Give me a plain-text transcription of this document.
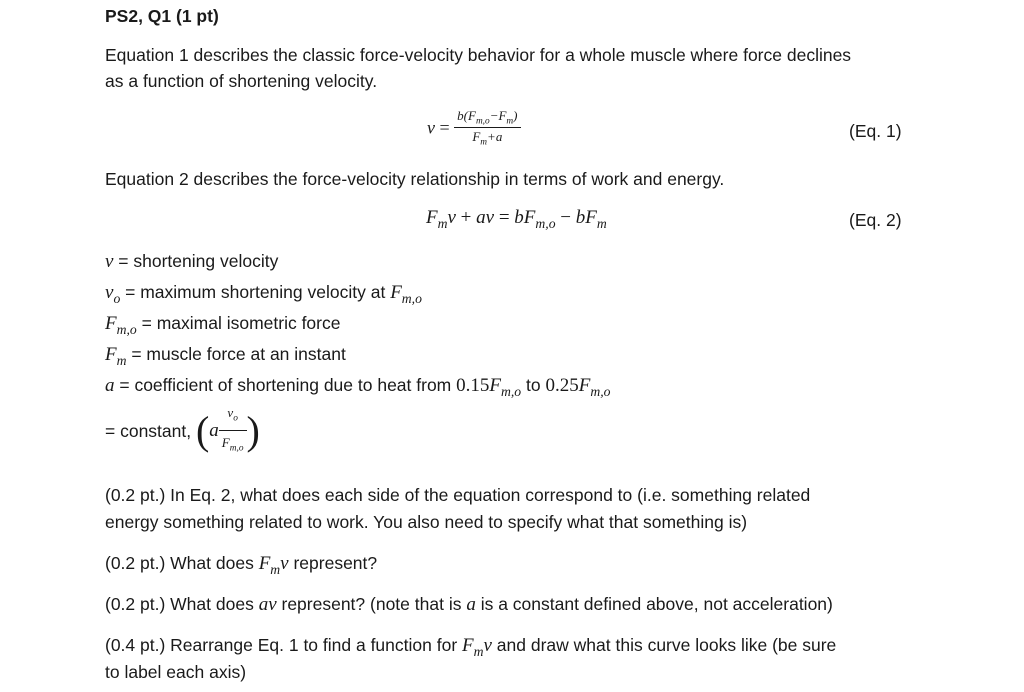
PS2, Q1 (1 pt)
Equation 1 describes the classic force-velocity behavior for a whole muscle where force declines
as a function of shortening velocity.
$v = \frac{b(F_{m,o}-F_m)}{F_m+a}$	(Eq. 1)
Equation 2 describes the force-velocity relationship in terms of work and energy.
$F_mv$ + av = $bF_{m,o} - bF_m$	(Eq. 2)
v = shortening velocity
$v_o$ = maximum shortening velocity at $F_{m,o}$
$F_{m,o}$ = maximal isometric force
$F_m$ = muscle force at an instant
a = coefficient of shortening due to heat from $0.15F_{m,o}$ to $0.25F_{m,o}$
= constant, ($a \frac{v_o}{F_{m,o}}$ )
(0.2 pt.) In Eq. 2, what does each side of the equation correspond to (i.e. something related
energy something related to work. You also need to specify what that something is)
(0.2 pt.) What does $F_mv$ represent?
(0.2 pt.) What does av represent? (note that is a is a constant defined above, not acceleration)
(0.4 pt.) Rearrange Eq. 1 to find a function for $F_mv$ and draw what this curve looks like (be sure
to label each axis)
